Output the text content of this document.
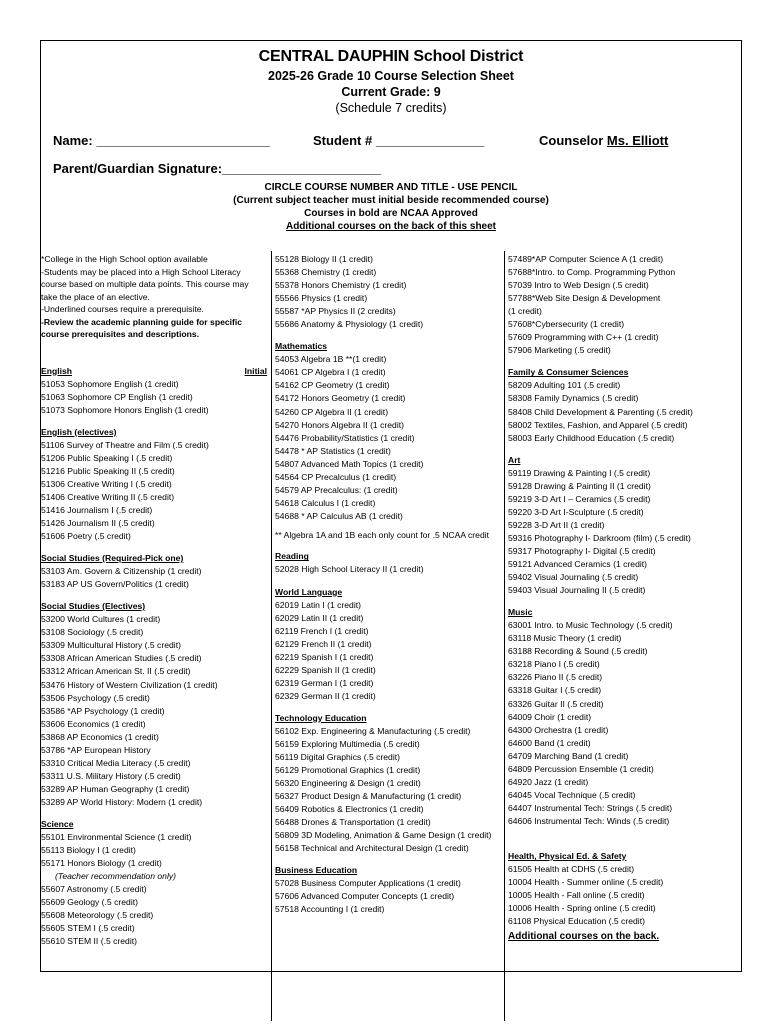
CENTRAL DAUPHIN School District
2025-26 Grade 10 Course Selection Sheet
Current Grade: 9
(Schedule 7 credits)
Name: ________________________	Student # _______________	Counselor Ms. Elliott
Parent/Guardian Signature:______________________
CIRCLE COURSE NUMBER AND TITLE - USE PENCIL
(Current subject teacher must initial beside recommended course)
Courses in bold are NCAA Approved
Additional courses on the back of this sheet
*College in the High School option available
-Students may be placed into a High School Literacy course based on multiple data points. This course may take the place of an elective.
-Underlined courses require a prerequisite.
-Review the academic planning guide for specific course prerequisites and descriptions.
English	Initial
51053 Sophomore English (1 credit)
51063 Sophomore CP English (1 credit)
51073 Sophomore Honors English (1 credit)
English (electives)
51106 Survey of Theatre and Film (.5 credit)
51206 Public Speaking I (.5 credit)
51216 Public Speaking II (.5 credit)
51306 Creative Writing I (.5 credit)
51406 Creative Writing II (.5 credit)
51416 Journalism I (.5 credit)
51426 Journalism II (.5 credit)
51606 Poetry (.5 credit)
Social Studies (Required-Pick one)
53103 Am. Govern & Citizenship (1 credit)
53183 AP US Govern/Politics (1 credit)
Social Studies (Electives)
53200 World Cultures (1 credit)
53108 Sociology (.5 credit)
53309 Multicultural History (.5 credit)
53308 African American Studies (.5 credit)
53312 African American St. II (.5 credit)
53476 History of Western Civilization (1 credit)
53506 Psychology (.5 credit)
53586 *AP Psychology (1 credit)
53606 Economics (1 credit)
53868 AP Economics (1 credit)
53786 *AP European History
53310 Critical Media Literacy (.5 credit)
53311 U.S. Military History (.5 credit)
53289 AP Human Geography (1 credit)
53289 AP World History: Modern (1 credit)
Science
55101 Environmental Science (1 credit)
55113 Biology I (1 credit)
55171 Honors Biology (1 credit)
(Teacher recommendation only)
55607 Astronomy (.5 credit)
55609 Geology (.5 credit)
55608 Meteorology (.5 credit)
55605 STEM I (.5 credit)
55610 STEM II (.5 credit)
55128 Biology II (1 credit)
55368 Chemistry (1 credit)
55378 Honors Chemistry (1 credit)
55566 Physics (1 credit)
55587 *AP Physics II (2 credits)
55686 Anatomy & Physiology (1 credit)
Mathematics
54053 Algebra 1B **(1 credit)
54061 CP Algebra I (1 credit)
54162 CP Geometry (1 credit)
54172 Honors Geometry (1 credit)
54260 CP Algebra II (1 credit)
54270 Honors Algebra II (1 credit)
54476 Probability/Statistics (1 credit)
54478 * AP Statistics (1 credit)
54807 Advanced Math Topics (1 credit)
54564 CP Precalculus (1 credit)
54579 AP Precalculus: (1 credit)
54618 Calculus I (1 credit)
54688 * AP Calculus AB (1 credit)
** Algebra 1A and 1B each only count for .5 NCAA credit
Reading
52028 High School Literacy II (1 credit)
World Language
62019 Latin I (1 credit)
62029 Latin II (1 credit)
62119 French I (1 credit)
62129 French II (1 credit)
62219 Spanish I (1 credit)
62229 Spanish II (1 credit)
62319 German I (1 credit)
62329 German II (1 credit)
Technology Education
56102 Exp. Engineering & Manufacturing (.5 credit)
56159 Exploring Multimedia (.5 credit)
56119 Digital Graphics (.5 credit)
56129 Promotional Graphics (1 credit)
56320 Engineering & Design (1 credit)
56327 Product Design & Manufacturing (1 credit)
56409 Robotics & Electronics (1 credit)
56488 Drones & Transportation (1 credit)
56809 3D Modeling, Animation & Game Design (1 credit)
56158 Technical and Architectural Design (1 credit)
Business Education
57028 Business Computer Applications (1 credit)
57606 Advanced Computer Concepts (1 credit)
57518 Accounting I (1 credit)
57489*AP Computer Science A (1 credit)
57688*Intro. to Comp. Programming Python
57039 Intro to Web Design (.5 credit)
57788*Web Site Design & Development
(1 credit)
57608*Cybersecurity (1 credit)
57609 Programming with C++ (1 credit)
57906 Marketing (.5 credit)
Family & Consumer Sciences
58209 Adulting 101 (.5 credit)
58308 Family Dynamics (.5 credit)
58408 Child Development & Parenting (.5 credit)
58002 Textiles, Fashion, and Apparel (.5 credit)
58003 Early Childhood Education (.5 credit)
Art
59119 Drawing & Painting I (.5 credit)
59128 Drawing & Painting II (1 credit)
59219 3-D Art I – Ceramics (.5 credit)
59220 3-D Art I-Sculpture (.5 credit)
59228 3-D Art II (1 credit)
59316 Photography I- Darkroom (film) (.5 credit)
59317 Photography I- Digital (.5 credit)
59121 Advanced Ceramics (1 credit)
59402 Visual Journaling (.5 credit)
59403 Visual Journaling II (.5 credit)
Music
63001 Intro. to Music Technology (.5 credit)
63118 Music Theory (1 credit)
63188 Recording & Sound (.5 credit)
63218 Piano I (.5 credit)
63226 Piano II (.5 credit)
63318 Guitar I (.5 credit)
63326 Guitar II (.5 credit)
64009 Choir (1 credit)
64300 Orchestra (1 credit)
64600 Band (1 credit)
64709 Marching Band (1 credit)
64809 Percussion Ensemble (1 credit)
64920 Jazz (1 credit)
64045 Vocal Technique (.5 credit)
64407 Instrumental Tech: Strings (.5 credit)
64606 Instrumental Tech: Winds (.5 credit)
Health, Physical Ed. & Safety
61505 Health at CDHS (.5 credit)
10004 Health - Summer online (.5 credit)
10005 Health - Fall online (.5 credit)
10006 Health - Spring online (.5 credit)
61108 Physical Education (.5 credit)
Additional courses on the back.
